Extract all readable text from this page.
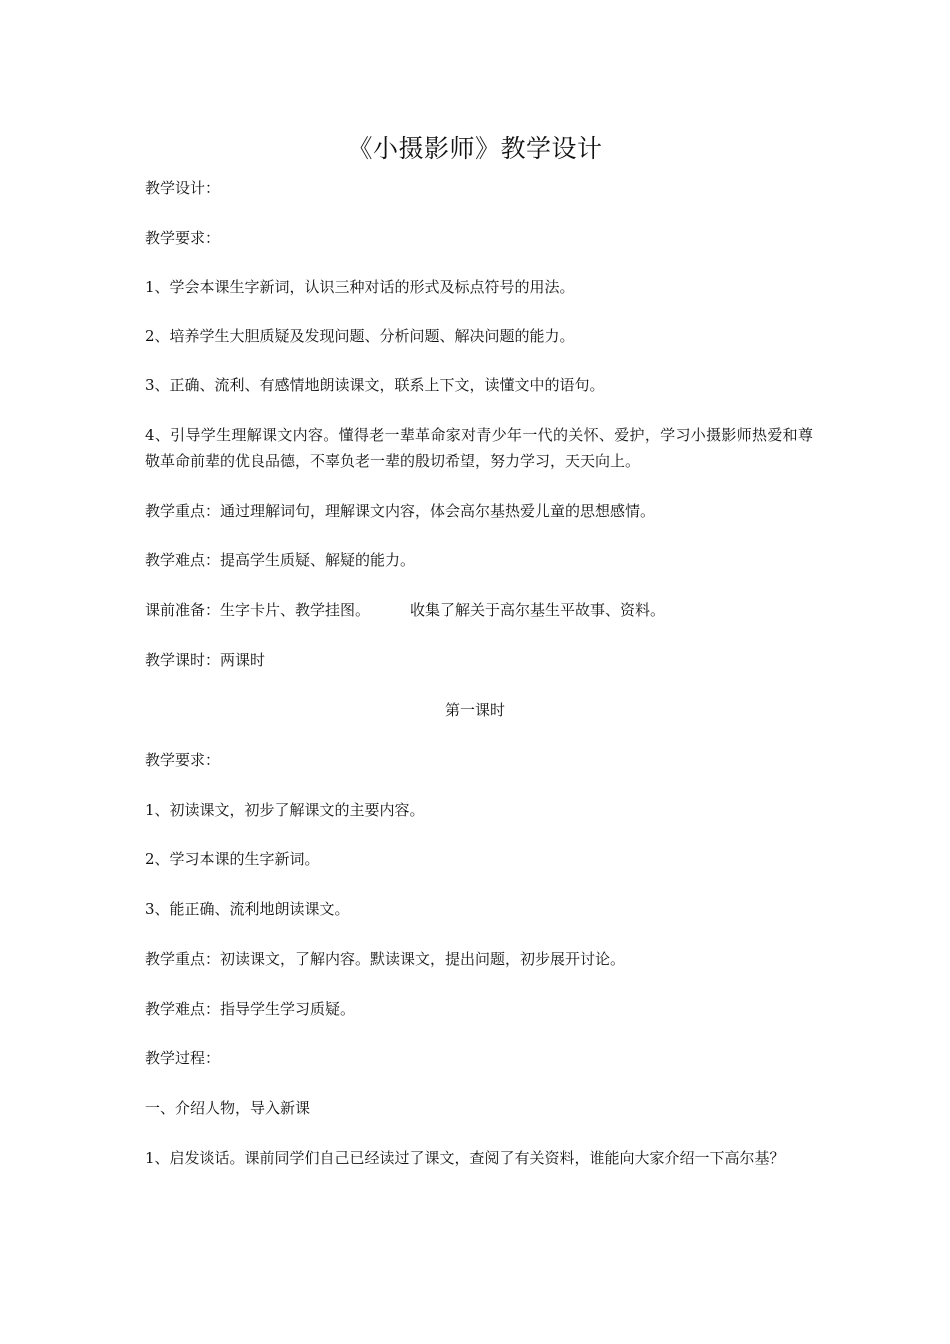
《小摄影师》教学设计

教学设计：

教学要求：

1、学会本课生字新词，认识三种对话的形式及标点符号的用法。

2、培养学生大胆质疑及发现问题、分析问题、解决问题的能力。

3、正确、流利、有感情地朗读课文，联系上下文，读懂文中的语句。

4、引导学生理解课文内容。懂得老一辈革命家对青少年一代的关怀、爱护，学习小摄影师热爱和尊敬革命前辈的优良品德，不辜负老一辈的殷切希望，努力学习，天天向上。

教学重点：通过理解词句，理解课文内容，体会高尔基热爱儿童的思想感情。

教学难点：提高学生质疑、解疑的能力。

课前准备：生字卡片、教学挂图。	收集了解关于高尔基生平故事、资料。

教学课时：两课时

第一课时

教学要求：

1、初读课文，初步了解课文的主要内容。

2、学习本课的生字新词。

3、能正确、流利地朗读课文。

教学重点：初读课文，了解内容。默读课文，提出问题，初步展开讨论。

教学难点：指导学生学习质疑。

教学过程：

一、介绍人物，导入新课

1、启发谈话。课前同学们自己已经读过了课文，查阅了有关资料，谁能向大家介绍一下高尔基？
